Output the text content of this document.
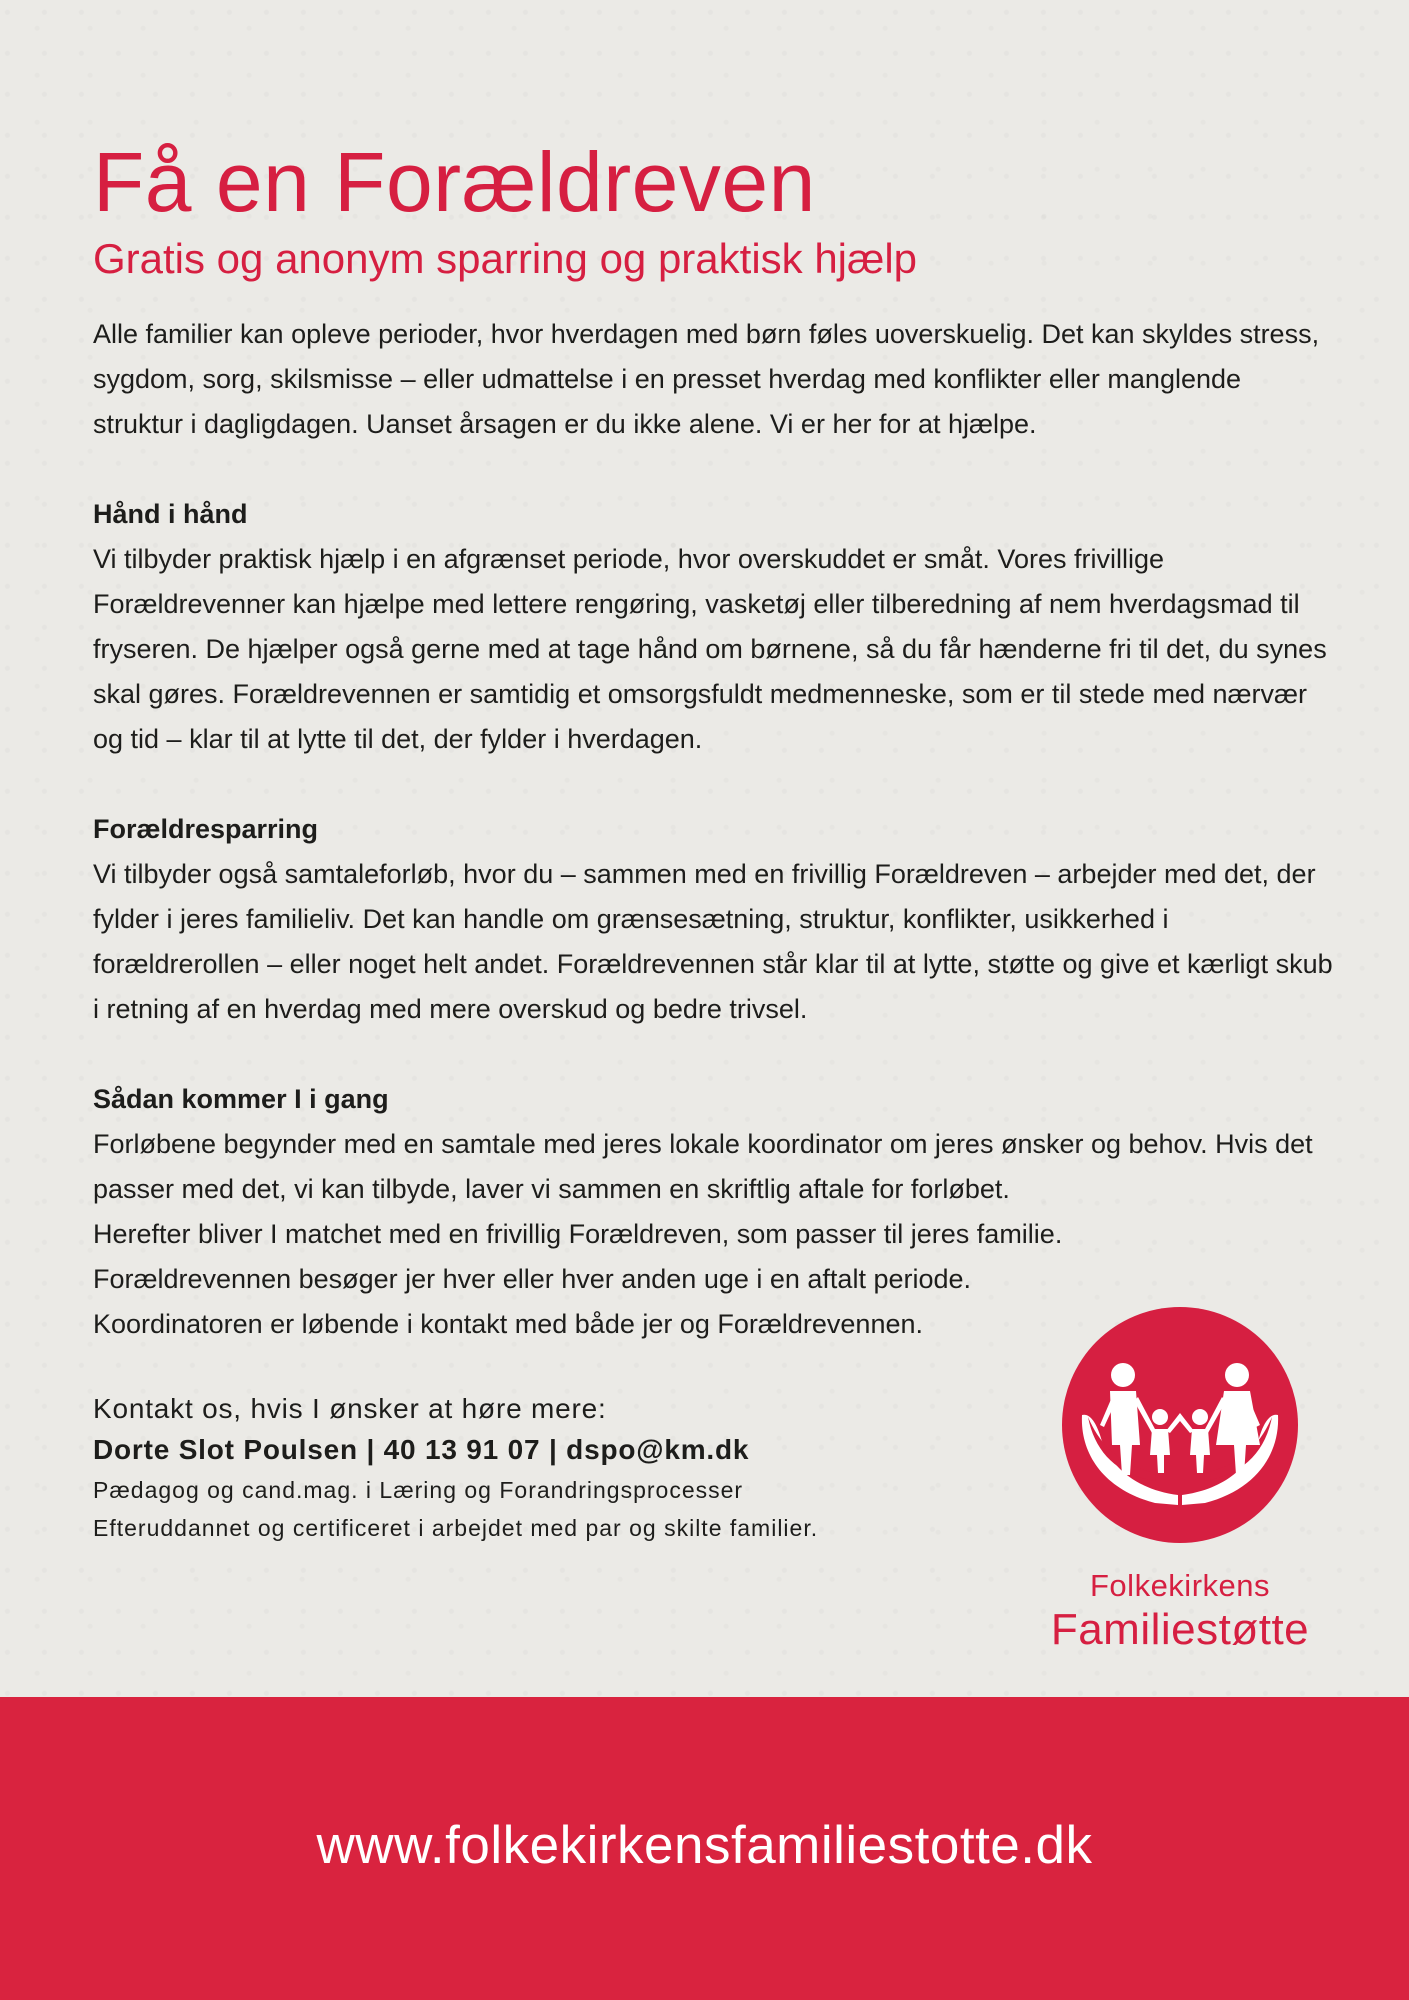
Få en Forældreven
Gratis og anonym sparring og praktisk hjælp

Alle familier kan opleve perioder, hvor hverdagen med børn føles uoverskuelig. Det kan skyldes stress, sygdom, sorg, skilsmisse – eller udmattelse i en presset hverdag med konflikter eller manglende struktur i dagligdagen. Uanset årsagen er du ikke alene. Vi er her for at hjælpe.

Hånd i hånd

Vi tilbyder praktisk hjælp i en afgrænset periode, hvor overskuddet er småt. Vores frivillige Forældrevenner kan hjælpe med lettere rengøring, vasketøj eller tilberedning af nem hverdagsmad til fryseren. De hjælper også gerne med at tage hånd om børnene, så du får hænderne fri til det, du synes skal gøres. Forældrevennen er samtidig et omsorgsfuldt medmenneske, som er til stede med nærvær og tid – klar til at lytte til det, der fylder i hverdagen.

Forældresparring

Vi tilbyder også samtaleforløb, hvor du – sammen med en frivillig Forældreven – arbejder med det, der fylder i jeres familieliv. Det kan handle om grænsesætning, struktur, konflikter, usikkerhed i forældrerollen – eller noget helt andet. Forældrevennen står klar til at lytte, støtte og give et kærligt skub i retning af en hverdag med mere overskud og bedre trivsel.

Sådan kommer I i gang

Forløbene begynder med en samtale med jeres lokale koordinator om jeres ønsker og behov. Hvis det passer med det, vi kan tilbyde, laver vi sammen en skriftlig aftale for forløbet.

Herefter bliver I matchet med en frivillig Forældreven, som passer til jeres familie. Forældrevennen besøger jer hver eller hver anden uge i en aftalt periode. Koordinatoren er løbende i kontakt med både jer og Forældrevennen.

Kontakt os, hvis I ønsker at høre mere:
Dorte Slot Poulsen | 40 13 91 07 | dspo@km.dk
Pædagog og cand.mag. i Læring og Forandringsprocesser
Efteruddannet og certificeret i arbejdet med par og skilte familier.
Folkekirkens
Familiestøtte
www.folkekirkensfamiliestotte.dk
